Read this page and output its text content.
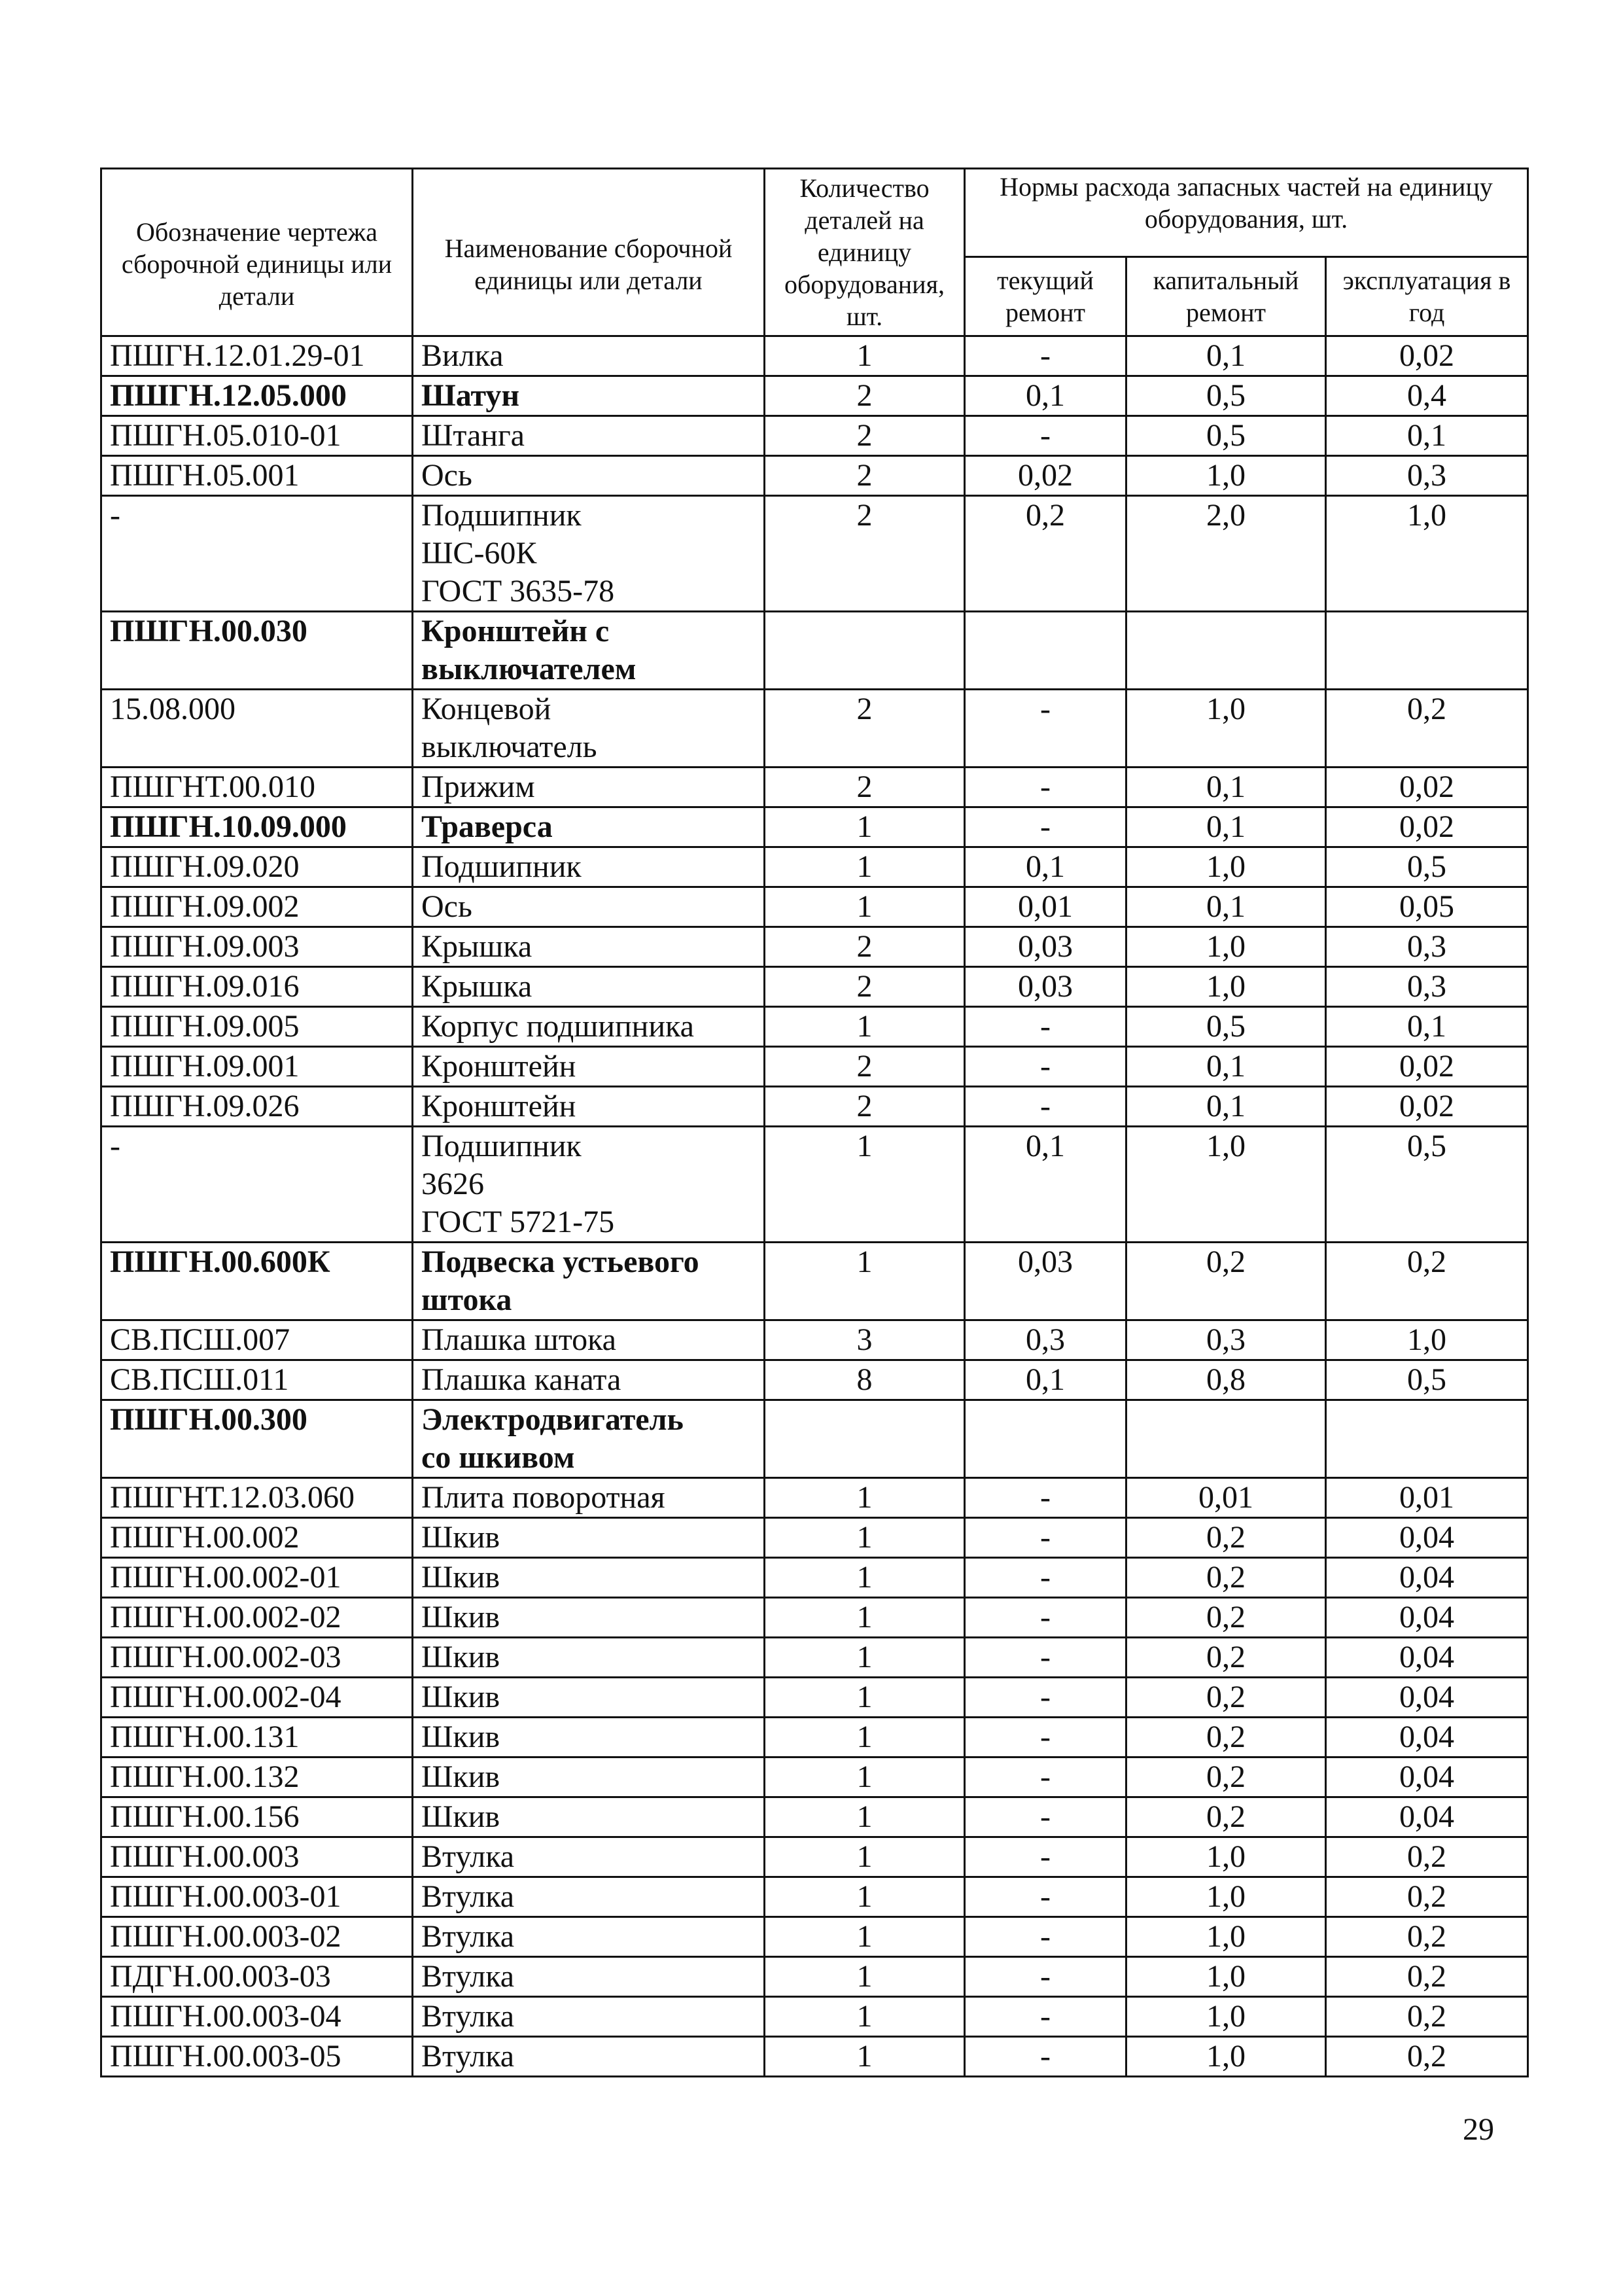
Обозначение чертежа сборочной единицы или детали	Наименование сборочной единицы или детали	Количество деталей на единицу оборудования, шт.	Нормы расхода запасных частей на единицу оборудования, шт.		
			текущий ремонт	капитальный ремонт	эксплуатация в год
ПШГН.12.01.29-01	Вилка	1	-	0,1	0,02
ПШГН.12.05.000	Шатун	2	0,1	0,5	0,4
ПШГН.05.010-01	Штанга	2	-	0,5	0,1
ПШГН.05.001	Ось	2	0,02	1,0	0,3
-	Подшипник
ШС-60К
ГОСТ 3635-78	2	0,2	2,0	1,0
ПШГН.00.030	Кронштейн с
выключателем				

15.08.000	Концевой
выключатель	2	-	1,0	0,2
ПШГНТ.00.010	Прижим	2	-	0,1	0,02
ПШГН.10.09.000	Траверса	1	-	0,1	0,02
ПШГН.09.020	Подшипник	1	0,1	1,0	0,5
ПШГН.09.002	Ось	1	0,01	0,1	0,05
ПШГН.09.003	Крышка	2	0,03	1,0	0,3
ПШГН.09.016	Крышка	2	0,03	1,0	0,3
ПШГН.09.005	Корпус подшипника	1	-	0,5	0,1
ПШГН.09.001	Кронштейн	2	-	0,1	0,02
ПШГН.09.026	Кронштейн	2	-	0,1	0,02
-	Подшипник
3626
ГОСТ 5721-75	1	0,1	1,0	0,5
ПШГН.00.600К	Подвеска устьевого
штока	1	0,03	0,2	0,2
СВ.ПСШ.007	Плашка штока	3	0,3	0,3	1,0
СВ.ПСШ.011	Плашка каната	8	0,1	0,8	0,5
ПШГН.00.300	Электродвигатель
со шкивом				

ПШГНТ.12.03.060	Плита поворотная	1	-	0,01	0,01
ПШГН.00.002	Шкив	1	-	0,2	0,04
ПШГН.00.002-01	Шкив	1	-	0,2	0,04
ПШГН.00.002-02	Шкив	1	-	0,2	0,04
ПШГН.00.002-03	Шкив	1	-	0,2	0,04
ПШГН.00.002-04	Шкив	1	-	0,2	0,04
ПШГН.00.131	Шкив	1	-	0,2	0,04
ПШГН.00.132	Шкив	1	-	0,2	0,04
ПШГН.00.156	Шкив	1	-	0,2	0,04
ПШГН.00.003	Втулка	1	-	1,0	0,2
ПШГН.00.003-01	Втулка	1	-	1,0	0,2
ПШГН.00.003-02	Втулка	1	-	1,0	0,2
ПДГН.00.003-03	Втулка	1	-	1,0	0,2
ПШГН.00.003-04	Втулка	1	-	1,0	0,2
ПШГН.00.003-05	Втулка	1	-	1,0	0,2
29
